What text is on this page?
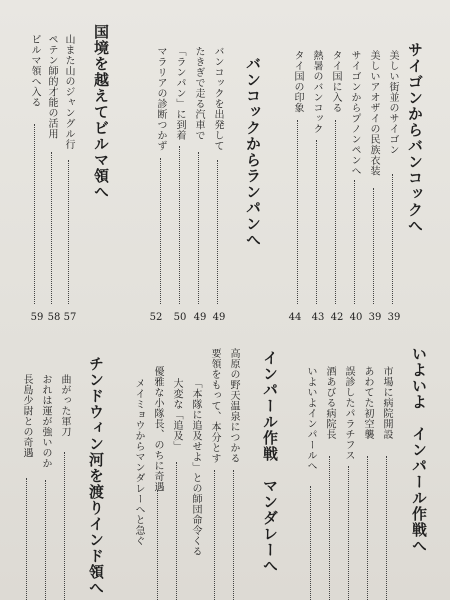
サイゴンからバンコックへ
美しい街並のサイゴン
美しいアオザイの民族衣装
サイゴンからプノンペンへ
タイ国に入る
熱暑のバンコック
タイ国の印象
バンコックからランパンへ
バンコックを出発して
たきぎで走る汽車で
「ランパン」に到着
マラリアの診断つかず
国境を越えてビルマ領へ
山また山のジャングル行
ペテン師的才能の活用
ビルマ領へ入る
39
39
40
42
43
44
49
49
50
52
57
58
59
いよいよ　インパール作戦へ
市場に病院開設
あわてた初空襲
誤診したパラチフス
酒あびる病院長
いよいよインパールへ
インパール作戦　マンダレーへ
高原の野天温泉につかる
要領をもって、本分とす
「本隊に追及せよ」との師団命令くる
大変な「追及」
優雅な小隊長、のちに奇遇
メイミョウからマンダレーへと急ぐ
チンドウィン河を渡りインド領へ
曲がった軍刀
おれは運が強いのか
長島少尉との奇遇
